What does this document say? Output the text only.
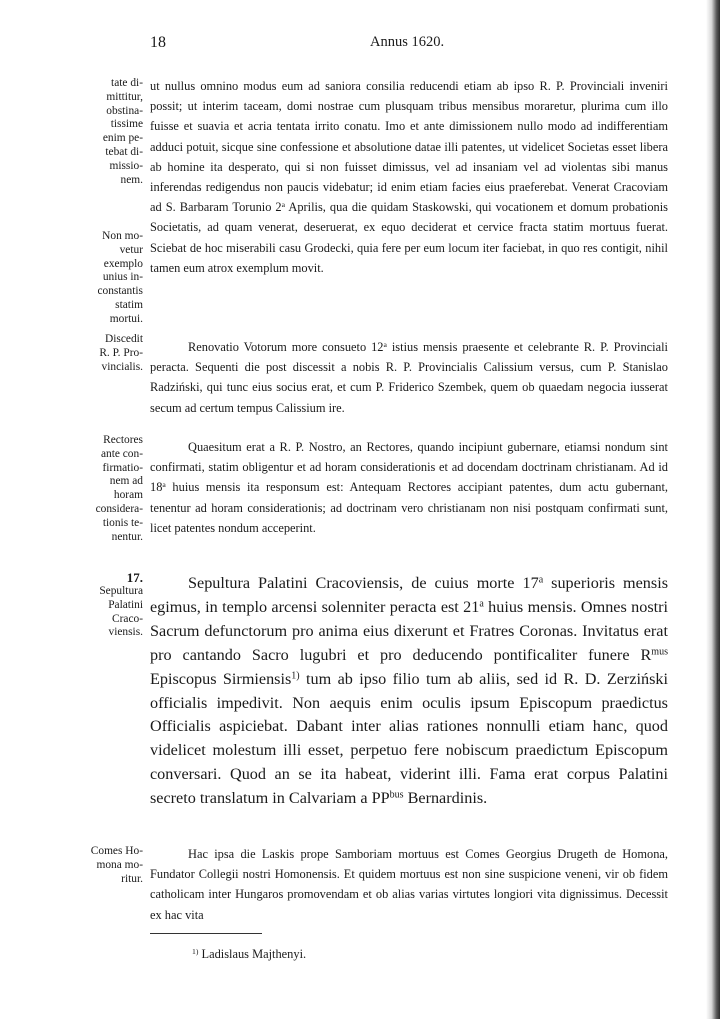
18	Annus 1620.
tate di-
mittitur,
obstina-
tissime
enim pe-
tebat di-
missio-
nem.
Non mo-
vetur
exemplo
unius in-
constantis
statim
mortui.
Discedit
R. P. Pro-
vincialis.
Rectores
ante con-
firmatio-
nem ad
horam
considera-
tionis te-
nentur.
17.
Sepultura
Palatini
Craco-
viensis.
Comes Ho-
mona mo-
ritur.

ut nullus omnino modus eum ad saniora consilia reducendi etiam ab ipso R. P. Provinciali inveniri possit; ut interim taceam, domi nostrae cum plusquam tribus mensibus moraretur, plurima cum illo fuisse et suavia et acria tentata irrito conatu. Imo et ante dimissionem nullo modo ad indifferentiam adduci potuit, sicque sine confessione et absolutione datae illi patentes, ut videlicet Societas esset libera ab homine ita desperato, qui si non fuisset dimissus, vel ad insaniam vel ad violentas sibi manus inferendas redigendus non paucis videbatur; id enim etiam facies eius praeferebat. Venerat Cracoviam ad S. Barbaram Torunio 2$^a$ Aprilis, qua die quidam Staskowski, qui vocationem et domum probationis Societatis, ad quam venerat, deseruerat, ex equo deciderat et cervice fracta statim mortuus fuerat. Sciebat de hoc miserabili casu Grodecki, quia fere per eum locum iter faciebat, in quo res contigit, nihil tamen eum atrox exemplum movit.

Renovatio Votorum more consueto 12$^a$ istius mensis praesente et celebrante R. P. Provinciali peracta. Sequenti die post discessit a nobis R. P. Provincialis Calissium versus, cum P. Stanislao Radziński, qui tunc eius socius erat, et cum P. Friderico Szembek, quem ob quaedam negocia iusserat secum ad certum tempus Calissium ire.

Quaesitum erat a R. P. Nostro, an Rectores, quando incipiunt gubernare, etiamsi nondum sint confirmati, statim obligentur et ad horam considerationis et ad docendam doctrinam christianam. Ad id 18$^a$ huius mensis ita responsum est: Antequam Rectores accipiant patentes, dum actu gubernant, tenentur ad horam considerationis; ad doctrinam vero christianam non nisi postquam confirmati sunt, licet patentes nondum acceperint.

Sepultura Palatini Cracoviensis, de cuius morte 17$^a$ superioris mensis egimus, in templo arcensi solenniter peracta est 21$^a$ huius mensis. Omnes nostri Sacrum defunctorum pro anima eius dixerunt et Fratres Coronas. Invitatus erat pro cantando Sacro lugubri et pro deducendo pontificaliter funere $R^{mus}$ Episcopus Sirmiensis$^{1)}$ tum ab ipso filio tum ab aliis, sed id R. D. Zerziński officialis impedivit. Non aequis enim oculis ipsum Episcopum praedictus Officialis aspiciebat. Dabant inter alias rationes nonnulli etiam hanc, quod videlicet molestum illi esset, perpetuo fere nobiscum praedictum Episcopum conversari. Quod an se ita habeat, viderint illi. Fama erat corpus Palatini secreto translatum in Calvariam a $PP^{bus}$ Bernardinis.

Hac ipsa die Laskis prope Samboriam mortuus est Comes Georgius Drugeth de Homona, Fundator Collegii nostri Homonensis. Et quidem mortuus est non sine suspicione veneni, vir ob fidem catholicam inter Hungaros promovendam et ob alias varias virtutes longiori vita dignissimus. Decessit ex hac vita

$^{1)}$ Ladislaus Majthenyi.
